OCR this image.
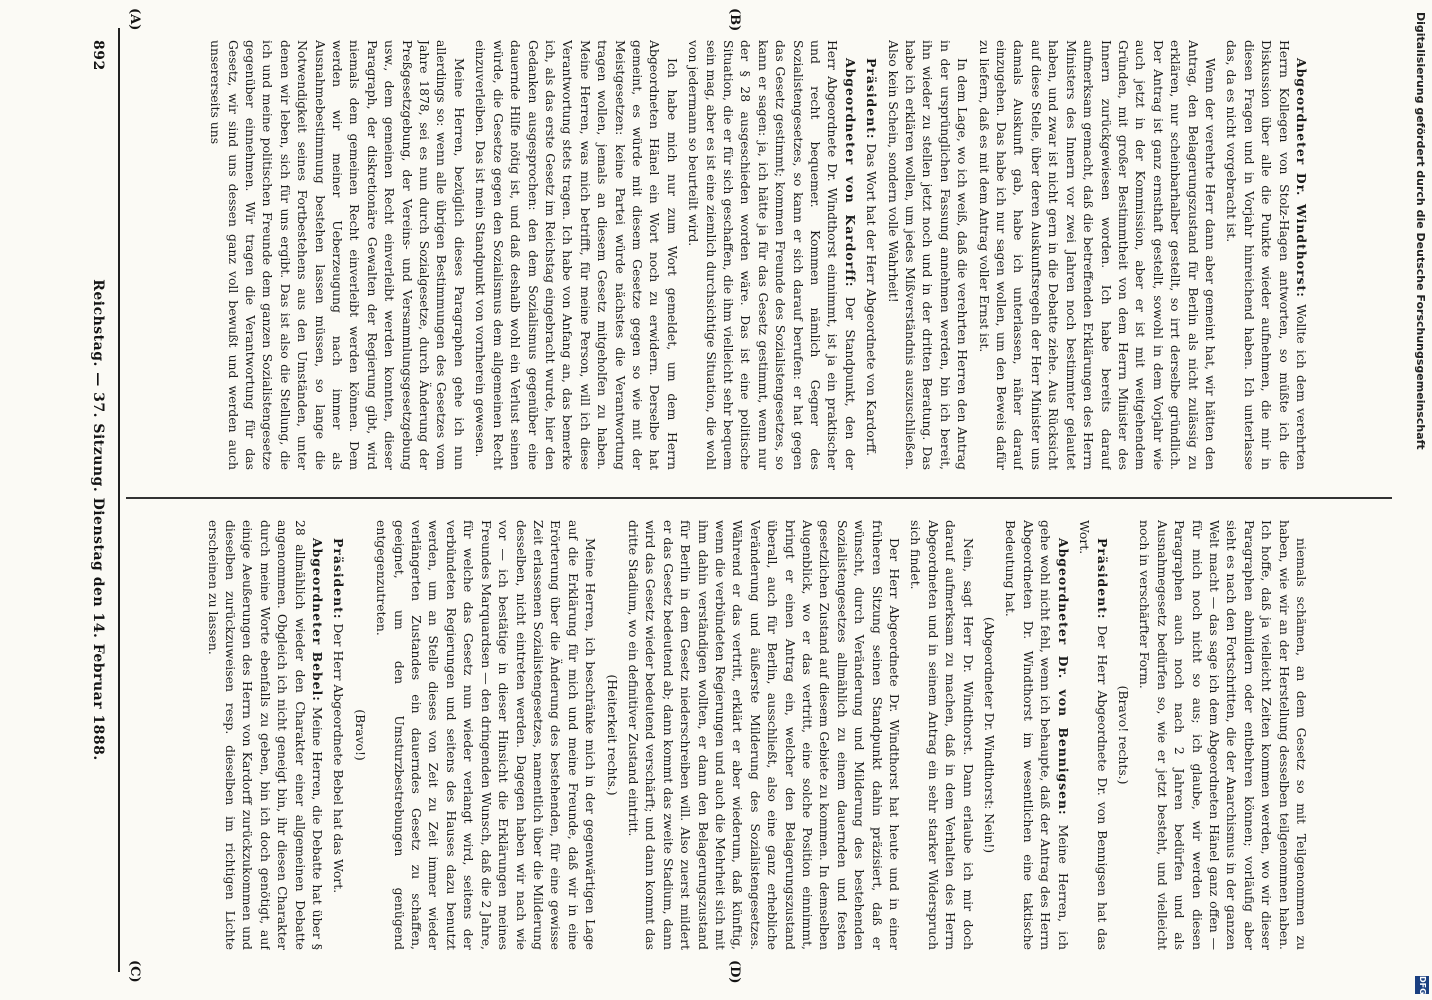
892
Reichstag. — 37. Sitzung. Dienstag den 14. Februar 1888.
(A)	(B)
(C)	(D)

Abgeordneter Dr. Windthorst: Wollte ich dem verehrten Herrn Kollegen von Stolz-Hagen antworten, so müßte ich die Diskussion über alle die Punkte wieder aufnehmen, die mir in diesen Fragen und in Vorjahr hinreichend haben. Ich unterlasse das, da es nicht vorgebracht ist.

Wenn der verehrte Herr dann aber gemeint hat, wir hätten den Antrag, den Belagerungszustand für Berlin als nicht zulässig zu erklären, nur scheinbarhalber gestellt, so irrt derselbe gründlich. Der Antrag ist ganz ernsthaft gestellt, sowohl in dem Vorjahr wie auch jetzt in der Kommission, aber er ist mit weitgehendem Gründen, mit großer Bestimmtheit von dem Herrn Minister des Innern zurückgewiesen worden. Ich habe bereits darauf aufmerksam gemacht, daß die betreffenden Erklärungen des Herrn Ministers des Innern vor zwei Jahren noch bestimmter gelautet haben, und zwar ist nicht gern in die Debatte ziehe. Aus Rücksicht auf diese Stelle, über deren Auskunftsregeln der Herr Minister uns damals Auskunft gab, habe ich unterlassen, näher darauf einzugehen. Das habe ich nur sagen wollen, um den Beweis dafür zu liefern, daß es mit dem Antrag voller Ernst ist.

In dem Lage, wo ich weiß, daß die verehrten Herren den Antrag in der ursprünglichen Fassung annehmen werden, bin ich bereit, ihn wieder zu stellen jetzt noch und in der dritten Beratung. Das habe ich erklären wollen, um jedes Mißverständnis auszuschließen. Also kein Schein, sondern volle Wahrheit!

Präsident: Das Wort hat der Herr Abgeordnete von Kardorff.

Abgeordneter von Kardorff: Der Standpunkt, den der Herr Abgeordnete Dr. Windthorst einnimmt, ist ja ein praktischer und recht bequemer. Kommen nämlich Gegner des Sozialistengesetzes, so kann er sich darauf berufen: er hat gegen das Gesetz gestimmt; kommen Freunde des Sozialistengesetzes, so kann er sagen: ja, ich hätte ja für das Gesetz gestimmt, wenn nur der § 28 ausgeschieden worden wäre. Das ist eine politische Situation, die er für sich geschaffen, die ihm vielleicht sehr bequem sein mag, aber es ist eine ziemlich durchsichtige Situation, die wohl von jedermann so beurteilt wird.

Ich habe mich nur zum Wort gemeldet, um dem Herrn Abgeordneten Hänel ein Wort noch zu erwidern. Derselbe hat gemeint, es würde mit diesem Gesetze gegen so wie mit der Meistgesetzen: keine Partei würde nächstes die Verantwortung tragen wollen, jemals an diesem Gesetz mitgeholfen zu haben. Meine Herren, was mich betrifft, für meine Person, will ich diese Verantwortung stets tragen. Ich habe von Anfang an, das bemerke ich, als das erste Gesetz im Reichstag eingebracht wurde, hier den Gedanken ausgesprochen: den dem Sozialismus gegenüber eine dauernde Hilfe nötig ist, und daß deshalb wohl ein Verlust seinen würde, die Gesetze gegen den Sozialismus dem allgemeinen Recht einzuverleiben. Das ist mein Standpunkt von vornherein gewesen.

Meine Herren, bezüglich dieses Paragraphen gehe ich nun allerdings so: wenn alle übrigen Bestimmungen des Gesetzes vom Jahre 1878, sei es nun durch Sozialgesetze, durch Änderung der Preßgesetzgebung, der Vereins- und Versammlungsgesetzgebung usw., dem gemeinen Recht einverleibt werden konnten, dieser Paragraph, der diskretionäre Gewalten der Regierung gibt, wird niemals dem gemeinen Recht einverleibt werden können. Dem werden wir meiner Ueberzeugung nach immer als Ausnahmebestimmung bestehen lassen müssen, so lange die Notwendigkeit seines Fortbestehens aus den Umständen, unter denen wir leben, sich für uns ergibt. Das ist also die Stellung, die ich und meine politischen Freunde dem ganzen Sozialistengesetze gegenüber einnehmen. Wir tragen die Verantwortung für das Gesetz, wir sind uns dessen ganz voll bewußt und werden auch unsererseits uns

niemals schämen, an dem Gesetz so mit Teilgenommen zu haben, wie wir an der Herstellung desselben teilgenommen haben. Ich hoffe, daß ja vielleicht Zeiten kommen werden, wo wir dieser Paragraphen abmildern oder entbehren können; vorläufig aber sieht es nach den Fortschritten, die der Anarchismus in der ganzen Welt macht — das sage ich dem Abgeordneten Hänel ganz offen — für mich noch nicht so aus; ich glaube, wir werden diesen Paragraphen auch noch nach 2 Jahren bedürfen und als Ausnahmegesetz bedürfen so, wie er jetzt besteht, und vielleicht noch in verschärfter Form.

(Bravo! rechts.)

Präsident: Der Herr Abgeordnete Dr. von Bennigsen hat das Wort.

Abgeordneter Dr. von Bennigsen: Meine Herren, ich gehe wohl nicht fehl, wenn ich behaupte, daß der Antrag des Herrn Abgeordneten Dr. Windthorst im wesentlichen eine taktische Bedeutung hat.

(Abgeordneter Dr. Windthorst: Nein!)

Nein, sagt Herr Dr. Windthorst. Dann erlaube ich mir doch darauf aufmerksam zu machen, daß in dem Verhalten des Herrn Abgeordneten und in seinem Antrag ein sehr starker Widerspruch sich findet.

Der Herr Abgeordnete Dr. Windthorst hat heute und in einer früheren Sitzung seinen Standpunkt dahin präzisiert, daß er wünscht, durch Veränderung und Milderung des bestehenden Sozialistengesetzes allmählich zu einem dauernden und festen gesetzlichen Zustand auf diesem Gebiete zu kommen. In demselben Augenblick, wo er das vertritt, eine solche Position einnimmt, bringt er einen Antrag ein, welcher den Belagerungszustand überall, auch für Berlin, ausschließt, also eine ganz erhebliche Veränderung und äußerste Milderung des Sozialistengesetzes. Während er das vertritt, erklärt er aber wiederum, daß künftig, wenn die verbündeten Regierungen und auch die Mehrheit sich mit ihm dahin verständigen wollten, er dann den Belagerungszustand für Berlin in dem Gesetz niederschreiben will. Also zuerst mildert er das Gesetz bedeutend ab; dann kommt das zweite Stadium, dann wird das Gesetz wieder bedeutend verschärft; und dann kommt das dritte Stadium, wo ein definitiver Zustand eintritt.

(Heiterkeit rechts.)

Meine Herren, ich beschränke mich in der gegenwärtigen Lage auf die Erklärung für mich und meine Freunde, daß wir in eine Erörterung über die Änderung des bestehenden, für eine gewisse Zeit erlassenen Sozialistengesetzes, namentlich über die Milderung desselben, nicht eintreten werden. Dagegen haben wir nach wie vor — ich bestätige in dieser Hinsicht die Erklärungen meines Freundes Marquardsen — den dringenden Wunsch, daß die 2 Jahre, für welche das Gesetz nun wieder verlangt wird, seitens der verbündeten Regierungen und seitens des Hauses dazu benutzt werden, um an Stelle dieses von Zeit zu Zeit immer wieder verlängerten Zustandes ein dauerndes Gesetz zu schaffen, geeignet, um den Umsturzbestrebungen genügend entgegenzutreten.

(Bravo!)

Präsident: Der Herr Abgeordnete Bebel hat das Wort.

Abgeordneter Bebel: Meine Herren, die Debatte hat über § 28 allmählich wieder den Charakter einer allgemeinen Debatte angenommen. Obgleich ich nicht geneigt bin, ihr diesen Charakter durch meine Worte ebenfalls zu geben, bin ich doch genötigt, auf einige Aeußerungen des Herrn von Kardorff zurückzukommen und dieselben zurückzuweisen resp. dieselben im richtigen Lichte erscheinen zu lassen.

Digitalisierung gefördert durch die Deutsche Forschungsgemeinschaft
DFG
